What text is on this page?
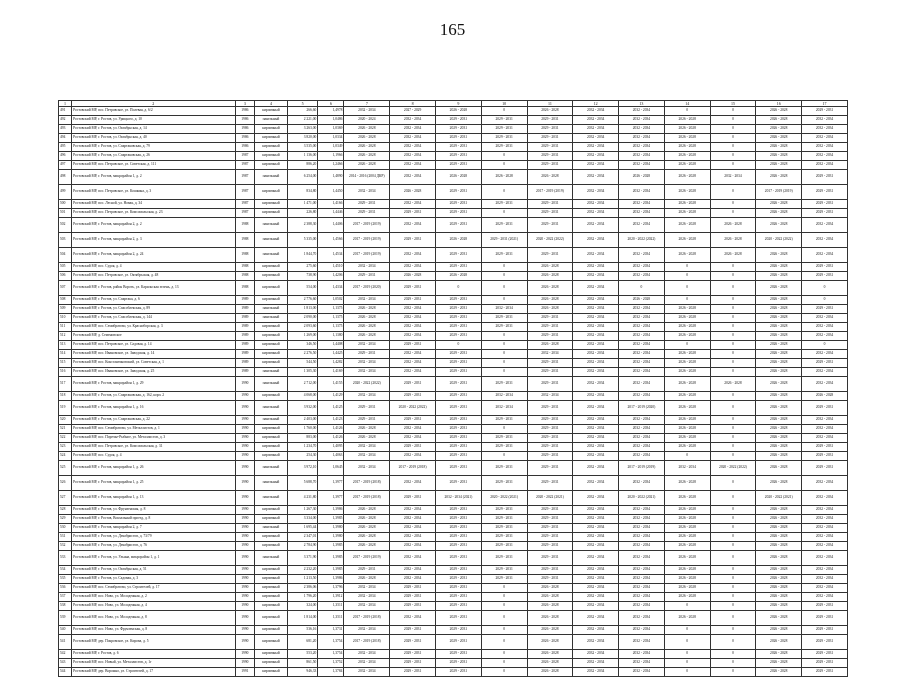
165
1	2	3	4	5	6	7	8	9	10	11	12	13	14	15	16	17
491	Ростовский МР, пос. Петровское, ул. Полевая, д. 6/2	1986	кирпичный	266,60	1,4978	2032 - 2034	2027 - 2029	2026 - 2028	0	2026 - 2028	2032 - 2034	2032 - 2034	0	0	2026 - 2028	2029 - 2031
492	Ростовский МР, г. Ростов, ул. Урицкого, д. 10	1986	панельный	2 221,00	1,0486	2020 - 2024	2032 - 2034	2029 - 2031	2029 - 2031	2029 - 2031	2032 - 2034	2032 - 2034	2026 - 2028	0	2026 - 2028	2032 - 2034
493	Ростовский МР, г. Ростов, ул. Октябрьская, д. 14	1986	кирпичный	3 263,00	1,0369	2026 - 2028	2032 - 2034	2029 - 2031	2029 - 2031	2029 - 2031	2032 - 2034	2032 - 2034	2026 - 2028	0	2026 - 2028	2032 - 2034
494	Ростовский МР, г. Ростов, ул. Октябрьская, д. 40	1986	кирпичный	3 820,00	1,0334	2026 - 2028	2032 - 2034	2029 - 2031	2029 - 2031	2029 - 2031	2032 - 2034	2032 - 2034	2026 - 2028	0	2026 - 2028	2032 - 2034
495	Ростовский МР, г. Ростов, ул. Спартаковская, д. 79	1986	кирпичный	3 535,00	1,0349	2026 - 2028	2032 - 2034	2029 - 2031	2029 - 2031	2029 - 2031	2032 - 2034	2032 - 2034	2026 - 2028	0	2026 - 2028	2032 - 2034
496	Ростовский МР, г. Ростов, ул. Спартаковская, д. 26	1987	кирпичный	1 136,00	1,1966	2026 - 2028	2032 - 2034	2029 - 2031	0	2029 - 2031	2032 - 2034	2032 - 2034	2026 - 2028	0	2026 - 2028	2032 - 2034
497	Ростовский МР, пос. Петровское, ул. Советская, д. 111	1987	кирпичный	886,20	1,2466	2026 - 2028	2032 - 2034	2029 - 2031	0	2029 - 2031	2032 - 2034	2032 - 2034	2026 - 2028	0	2026 - 2028	2032 - 2034
498	Ростовский МР, г. Ростов, микрорайон 1, д. 2	1987	панельный	6 254,00	1,4890	2014 - 2016 (2004 ДКР)	2032 - 2034	2026 - 2028	2026 - 2028	2026 - 2028	2032 - 2034	2026 - 2028	2026 - 2028	2032 - 2034	2026 - 2028	2029 - 2031
499	Ростовский МР, пос. Петровское, ул. Кошкина, д. 3	1987	кирпичный	834,80	1,4450	2032 - 2034	2026 - 2028	2029 - 2031	0	2017 - 2019 (2019)	2032 - 2034	2032 - 2034	2026 - 2028	0	2017 - 2019 (2019)	2029 - 2031
500	Ростовский МР, пос. Лесной, ул. Новая, д. 34	1987	кирпичный	1 471,00	1,4166	2029 - 2031	2032 - 2034	2029 - 2031	2029 - 2031	2029 - 2031	2032 - 2034	2032 - 2034	2026 - 2028	0	2026 - 2028	2029 - 2031
501	Ростовский МР, пос. Петровское, ул. Комсомольская, д. 23	1987	кирпичный	226,80	1,4446	2029 - 2031	2029 - 2031	2029 - 2031	0	2029 - 2031	2032 - 2034	2032 - 2034	2026 - 2028	0	2026 - 2028	2029 - 2031
502	Ростовский МР, г. Ростов, микрорайон 2, д. 2	1988	панельный	2 388,30	1,4406	2017 - 2019 (2019)	2032 - 2034	2029 - 2031	2029 - 2031	2029 - 2031	2032 - 2034	2032 - 2034	2026 - 2028	2026 - 2028	2026 - 2028	2032 - 2034
503	Ростовский МР, г. Ростов, микрорайон 2, д. 3	1988	панельный	5 335,00	1,4566	2017 - 2019 (2019)	2029 - 2031	2026 - 2028	2029 - 2031 (2021)	2020 - 2022 (2022)	2032 - 2034	2020 - 2022 (2022)	2026 - 2028	2026 - 2028	2020 - 2022 (2022)	2032 - 2034
504	Ростовский МР, г. Ростов, микрорайон 2, д. 24	1988	панельный	1 844,70	1,4534	2017 - 2019 (2019)	2032 - 2034	2029 - 2031	2029 - 2031	2029 - 2031	2032 - 2034	2032 - 2034	2026 - 2028	2026 - 2028	2026 - 2028	2032 - 2034
505	Ростовский МР, пос. Судоя, д. 4	1988	кирпичный	275,60	1,4510	2032 - 2034	2032 - 2034	2029 - 2031	0	2026 - 2028	2032 - 2034	2032 - 2034	0	0	2026 - 2028	2029 - 2031
506	Ростовский МР, пос. Петровское, ул. Октябрьская, д. 48	1988	кирпичный	738,90	1,4206	2029 - 2031	2026 - 2028	2026 - 2028	0	2026 - 2028	2032 - 2034	2032 - 2034	0	0	2026 - 2028	2029 - 2031
507	Ростовский МР, г. Ростов, район Вороть, ул. Карильская зелень, д. 13	1988	кирпичный	554,00	1,4334	2017 - 2019 (2020)	2029 - 2031	0	0	2026 - 2028	2032 - 2034	0	0	0	2026 - 2028	0
508	Ростовский МР, г. Ростов, ул. Спартака, д. 6	1989	кирпичный	2 776,60	1,0502	2032 - 2034	2029 - 2031	2029 - 2031	0	2026 - 2028	2032 - 2034	2026 - 2028	0	0	2026 - 2028	0
509	Ростовский МР, г. Ростов, ул. Спасоблекская, д. 89	1989	панельный	1 813,00	1,1375	2026 - 2028	2032 - 2034	2029 - 2031	2032 - 2034	2026 - 2028	2032 - 2034	2032 - 2034	2026 - 2028	0	2026 - 2028	2029 - 2031
510	Ростовский МР, г. Ростов, ул. Спасоблекская, д. 144	1989	панельный	2 090,00	1,1375	2026 - 2028	2032 - 2034	2029 - 2031	2029 - 2031	2029 - 2031	2032 - 2034	2032 - 2034	2026 - 2028	0	2026 - 2028	2032 - 2034
511	Ростовский МР, пос. Семибратово, ул. Красноборская, д. 3	1989	кирпичный	2 093,60	1,1375	2026 - 2028	2032 - 2034	2029 - 2031	2029 - 2031	2029 - 2031	2032 - 2034	2032 - 2034	2026 - 2028	0	2026 - 2028	2032 - 2034
512	Ростовский МР, д. Семеновское	1989	кирпичный	1 269,00	1,1380	2026 - 2028	2032 - 2034	2029 - 2031	0	2029 - 2031	2032 - 2034	2032 - 2034	2026 - 2028	0	2026 - 2028	2032 - 2034
513	Ростовский МР, пос. Петровское, ул. Садовая, д. 14	1989	кирпичный	346,50	1,4408	2032 - 2034	2029 - 2031	0	0	2026 - 2028	2032 - 2034	2032 - 2034	0	0	2026 - 2028	0
514	Ростовский МР, пос. Ивановское, ул. Заводская, д. 14	1989	кирпичный	2 276,50	1,4425	2029 - 2031	2032 - 2034	2029 - 2031	0	2032 - 2034	2032 - 2034	2032 - 2034	2026 - 2028	0	2026 - 2028	2032 - 2034
515	Ростовский МР, пос. Константиновский, ул. Советская, д. 1	1989	кирпичный	544,50	1,4282	2032 - 2034	2032 - 2034	2029 - 2031	0	2029 - 2031	2032 - 2034	2032 - 2034	2026 - 2028	0	2026 - 2028	2029 - 2031
516	Ростовский МР, пос. Ивановское, ул. Заводская, д. 25	1989	панельный	1 305,30	1,4169	2032 - 2034	2032 - 2034	2029 - 2031	0	2029 - 2031	2032 - 2034	2032 - 2034	2026 - 2028	0	2026 - 2028	2032 - 2034
517	Ростовский МР, г. Ростов, микрорайон 1, д. 29	1990	панельный	2 712,00	1,4155	2020 - 2022 (2022)	2029 - 2031	2029 - 2031	2029 - 2031	2029 - 2031	2032 - 2034	2032 - 2034	2026 - 2028	2026 - 2028	2026 - 2028	2032 - 2034
518	Ростовский МР, г. Ростов, ул. Спартаковская, д. 162, корп. 2	1990	кирпичный	4 068,00	1,4129	2032 - 2034	2029 - 2031	2029 - 2031	2032 - 2034	2032 - 2034	2032 - 2034	2032 - 2034	2026 - 2028	0	2026 - 2028	2026 - 2028
519	Ростовский МР, г. Ростов, микрорайон 1, д. 16	1990	панельный	3 932,00	1,4125	2029 - 2031	2020 - 2022 (2022)	2029 - 2031	2032 - 2034	2029 - 2031	2032 - 2034	2017 - 2019 (2020)	2026 - 2028	0	2026 - 2028	2029 - 2031
520	Ростовский МР, г. Ростов, ул. Спартаковская, д. 22	1990	панельный	2 403,00	1,4123	2029 - 2031	2029 - 2031	2029 - 2031	2029 - 2031	2029 - 2031	2032 - 2034	2032 - 2034	2026 - 2028	0	2026 - 2028	2032 - 2034
521	Ростовский МР, пос. Семибратово, ул. Металлистов, д. 1	1990	кирпичный	1 760,00	1,4126	2026 - 2028	2032 - 2034	2029 - 2031	0	2029 - 2031	2032 - 2034	2032 - 2034	2026 - 2028	0	2026 - 2028	2032 - 2034
522	Ростовский МР, пос. Поречье-Рыбное, ул. Металлистов, д. 3	1990	кирпичный	883,00	1,4126	2026 - 2028	2032 - 2034	2029 - 2031	2029 - 2031	2029 - 2031	2032 - 2034	2032 - 2034	2026 - 2028	0	2026 - 2028	2032 - 2034
523	Ростовский МР, пос. Петровское, ул. Комсомольская, д. 31	1990	кирпичный	1 234,70	1,4095	2032 - 2034	2029 - 2031	2029 - 2031	2029 - 2031	2029 - 2031	2032 - 2034	2032 - 2034	2026 - 2028	0	2026 - 2028	2029 - 2031
524	Ростовский МР, пос. Судоя, д. 4	1990	кирпичный	254,30	1,4063	2032 - 2034	2032 - 2034	2029 - 2031	0	2029 - 2031	2032 - 2034	2032 - 2034	0	0	2026 - 2028	2029 - 2031
525	Ростовский МР, г. Ростов, микрорайон 1, д. 26	1990	панельный	3 972,10	1,0645	2032 - 2034	2017 - 2019 (2018)	2029 - 2031	2029 - 2031	2029 - 2031	2032 - 2034	2017 - 2019 (2019)	2032 - 2034	2020 - 2022 (2022)	2026 - 2028	2029 - 2031
526	Ростовский МР, г. Ростов, микрорайон 1, д. 25	1990	панельный	5 688,70	1,3977	2017 - 2019 (2018)	2032 - 2034	2029 - 2031	2029 - 2031	2029 - 2031	2032 - 2034	2032 - 2034	2026 - 2028	0	2026 - 2028	2032 - 2034
527	Ростовский МР, г. Ростов, микрорайон 1, д. 13	1990	панельный	4 231,80	1,3977	2017 - 2019 (2018)	2029 - 2031	2032 - 2034 (2021)	2020 - 2022 (2021)	2020 - 2022 (2021)	2032 - 2034	2020 - 2022 (2021)	2026 - 2028	0	2020 - 2022 (2021)	2032 - 2034
528	Ростовский МР, г. Ростов, ул. Фрунзенская, д. 8	1990	кирпичный	1 267,30	1,3986	2026 - 2028	2032 - 2034	2029 - 2031	2029 - 2031	2029 - 2031	2032 - 2034	2032 - 2034	2026 - 2028	0	2026 - 2028	2032 - 2034
529	Ростовский МР, г. Ростов, Вокзальный проезд, д. 8	1990	кирпичный	3 334,00	1,3985	2026 - 2028	2032 - 2034	2029 - 2031	2029 - 2031	2029 - 2031	2032 - 2034	2032 - 2034	2026 - 2028	0	2026 - 2028	2032 - 2034
530	Ростовский МР, г. Ростов, микрорайон 2, д. 7	1990	панельный	1 695,44	1,3980	2026 - 2028	2032 - 2034	2029 - 2031	2029 - 2031	2029 - 2031	2032 - 2034	2032 - 2034	2026 - 2028	0	2026 - 2028	2032 - 2034
531	Ростовский МР, г. Ростов, ул. Декабристов, д. 73/79	1990	кирпичный	2 347,01	1,3980	2026 - 2028	2032 - 2034	2029 - 2031	2029 - 2031	2029 - 2031	2032 - 2034	2032 - 2034	2026 - 2028	0	2026 - 2028	2032 - 2034
532	Ростовский МР, г. Ростов, ул. Декабристов, д. 76	1990	кирпичный	2 784,90	1,3985	2026 - 2028	2032 - 2034	2029 - 2031	2029 - 2031	2029 - 2031	2032 - 2034	2032 - 2034	2026 - 2028	0	2026 - 2028	2032 - 2034
533	Ростовский МР, г. Ростов, ул. Ульяна, микрорайон 1, д. 1	1990	панельный	3 371,90	1,3985	2017 - 2019 (2019)	2032 - 2034	2029 - 2031	2029 - 2031	2029 - 2031	2032 - 2034	2032 - 2034	2026 - 2028	0	2026 - 2028	2032 - 2034
534	Ростовский МР, г. Ростов, ул. Октябрьская, д. 51	1990	кирпичный	2 232,20	1,3985	2029 - 2031	2032 - 2034	2029 - 2031	2029 - 2031	2029 - 2031	2032 - 2034	2032 - 2034	2026 - 2028	0	2026 - 2028	2032 - 2034
535	Ростовский МР, г. Ростов, ул. Садовая, д. 3	1990	кирпичный	1 213,50	1,3986	2026 - 2028	2032 - 2034	2029 - 2031	2029 - 2031	2029 - 2031	2032 - 2034	2032 - 2034	2026 - 2028	0	2026 - 2028	2032 - 2034
536	Ростовский МР, пос. Семибратово, ул. Строителей, д. 17	1990	кирпичный	2 386,06	1,3796	2032 - 2034	2029 - 2031	2029 - 2031	0	2026 - 2028	2032 - 2034	2032 - 2034	2026 - 2028	0	2026 - 2028	2032 - 2034
537	Ростовский МР, пос. Ново, ул. Молодежная, д. 2	1990	кирпичный	1 796,20	1,3912	2032 - 2034	2029 - 2031	2029 - 2031	0	2026 - 2028	2032 - 2034	2032 - 2034	2026 - 2028	0	2026 - 2028	2032 - 2034
538	Ростовский МР, пос. Ново, ул. Молодежная, д. 4	1990	кирпичный	324,00	1,3511	2032 - 2034	2029 - 2031	2029 - 2031	0	2026 - 2028	2032 - 2034	2032 - 2034	0	0	2026 - 2028	2029 - 2031
539	Ростовский МР, пос. Ново, ул. Молодежная, д. 8	1990	кирпичный	1 814,00	1,3511	2017 - 2019 (2018)	2032 - 2034	2029 - 2031	0	2026 - 2028	2032 - 2034	2032 - 2034	2026 - 2028	0	2026 - 2028	2029 - 2031
540	Ростовский МР, пос. Ново, ул. Фрунзенская, д. 8	1990	кирпичный	536,16	1,3731	2032 - 2034	2029 - 2031	2029 - 2031	0	2026 - 2028	2032 - 2034	2032 - 2034	0	0	2026 - 2028	2029 - 2031
541	Ростовский МР, дер. Покровское, ул. Кирова, д. 5	1990	кирпичный	681,20	1,3754	2017 - 2019 (2018)	2029 - 2031	2029 - 2031	0	2026 - 2028	2032 - 2034	2032 - 2034	0	0	2026 - 2028	2029 - 2031
542	Ростовский МР, г. Ростов, д. 6	1990	кирпичный	553,20	1,3754	2032 - 2034	2029 - 2031	2029 - 2031	0	2026 - 2028	2032 - 2034	2032 - 2034	0	0	2026 - 2028	2029 - 2031
543	Ростовский МР, пос. Новый, ул. Металлистов, д. 1г	1990	кирпичный	861,50	1,3752	2032 - 2034	2029 - 2031	2029 - 2031	0	2026 - 2028	2032 - 2034	2032 - 2034	0	0	2026 - 2028	2029 - 2031
544	Ростовский МР, дер. Ворожно, ул. Строителей, д. 17	1991	кирпичный	946,33	1,3784	2032 - 2034	2029 - 2031	2029 - 2031	0	2026 - 2028	2032 - 2034	2032 - 2034	0	0	2026 - 2028	2029 - 2031
